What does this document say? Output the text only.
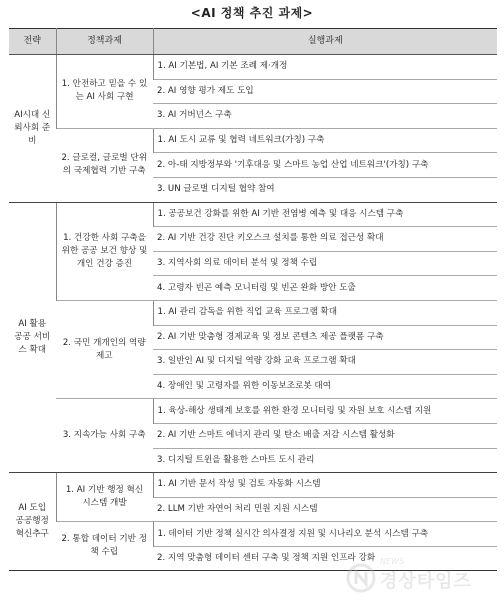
<AI 정책 추진 과제>
전략	정책과제	실행과제
AI시대 신뢰사회 준비	1. 안전하고 믿을 수 있는 AI 사회 구현	1. AI 기본법, AI 기본 조례 제·개정
		2. AI 영향 평가 제도 도입
		3. AI 거버넌스 구축
	2. 글로컬, 글로벌 단위의 국제협력 기반 구축	1. AI 도시 교류 및 협력 네트워크(가칭) 구축
		2. 아-태 지방정부와 '기후대응 및 스마트 농업 산업 네트워크'(가칭) 구축
		3. UN 글로벌 디지털 협약 참여
AI 활용 공공 서비스 확대	1. 건강한 사회 구축을 위한 공공 보건 향상 및 개인 건강 증진	1. 공공보건 강화를 위한 AI 기반 전염병 예측 및 대응 시스템 구축
		2. AI 기반 건강 진단 키오스크 설치를 통한 의료 접근성 확대
		3. 지역사회 의료 데이터 분석 및 정책 수립
		4. 고령자 빈곤 예측 모니터링 및 빈곤 완화 방안 도출
	2. 국민 개개인의 역량 제고	1. AI 관리 감독을 위한 직업 교육 프로그램 확대
		2. AI 기반 맞춤형 경제교육 및 정보 콘텐츠 제공 플랫폼 구축
		3. 일반인 AI 및 디지털 역량 강화 교육 프로그램 확대
		4. 장애인 및 고령자를 위한 이동보조로봇 대여
	3. 지속가능 사회 구축	1. 육상-해상 생태계 보호를 위한 환경 모니터링 및 자원 보호 시스템 지원
		2. AI 기반 스마트 에너지 관리 및 탄소 배출 저감 시스템 활성화
		3. 디지털 트윈을 활용한 스마트 도시 관리
AI 도입 공공행정 혁신추구	1. AI 기반 행정 혁신 시스템 개발	1. AI 기반 문서 작성 및 검토 자동화 시스템
		2. LLM 기반 자연어 처리 민원 지원 시스템
	2. 통합 데이터 기반 정책 수립	1. 데이터 기반 정책 실시간 의사결정 지원 및 시나리오 분석 시스템 구축
		2. 지역 맞춤형 데이터 센터 구축 및 정책 지원 인프라 강화 NEWS
경상타임즈
